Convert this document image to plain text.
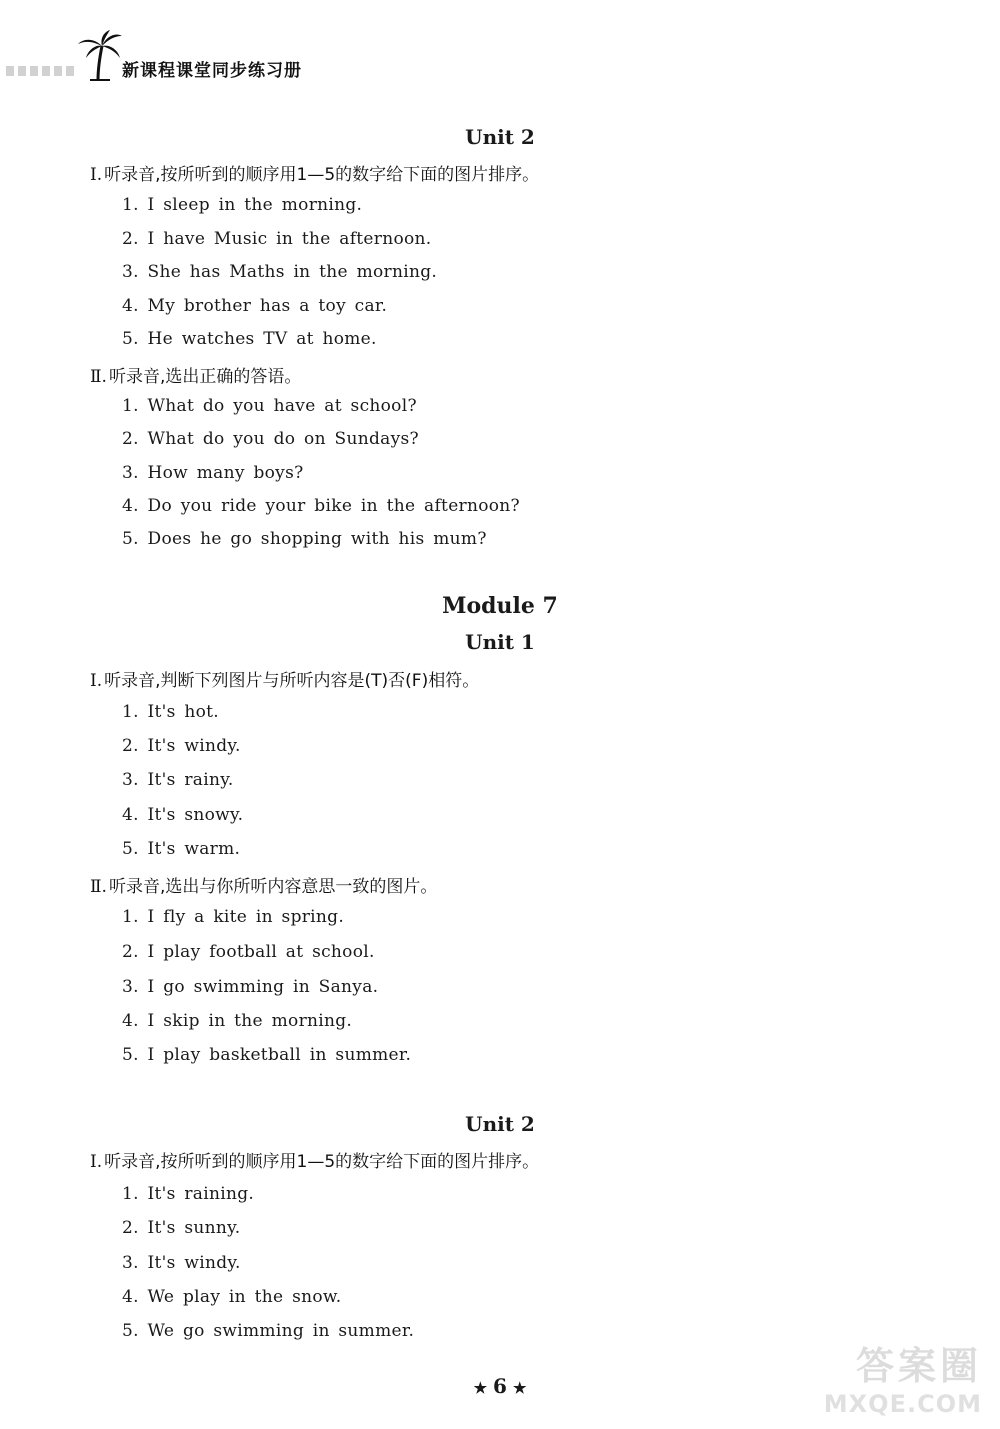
新课程课堂同步练习册
Unit 2
Ⅰ. 听录音,按所听到的顺序用1—5的数字给下面的图片排序。
1. I sleep in the morning.
2. I have Music in the afternoon.
3. She has Maths in the morning.
4. My brother has a toy car.
5. He watches TV at home.
Ⅱ. 听录音,选出正确的答语。
1. What do you have at school?
2. What do you do on Sundays?
3. How many boys?
4. Do you ride your bike in the afternoon?
5. Does he go shopping with his mum?
Module 7
Unit 1
Ⅰ. 听录音,判断下列图片与所听内容是(T)否(F)相符。
1. It's hot.
2. It's windy.
3. It's rainy.
4. It's snowy.
5. It's warm.
Ⅱ. 听录音,选出与你所听内容意思一致的图片。
1. I fly a kite in spring.
2. I play football at school.
3. I go swimming in Sanya.
4. I skip in the morning.
5. I play basketball in summer.
Unit 2
Ⅰ. 听录音,按所听到的顺序用1—5的数字给下面的图片排序。
1. It's raining.
2. It's sunny.
3. It's windy.
4. We play in the snow.
5. We go swimming in summer.
★ 6 ★	答案圈
MXQE.COM
